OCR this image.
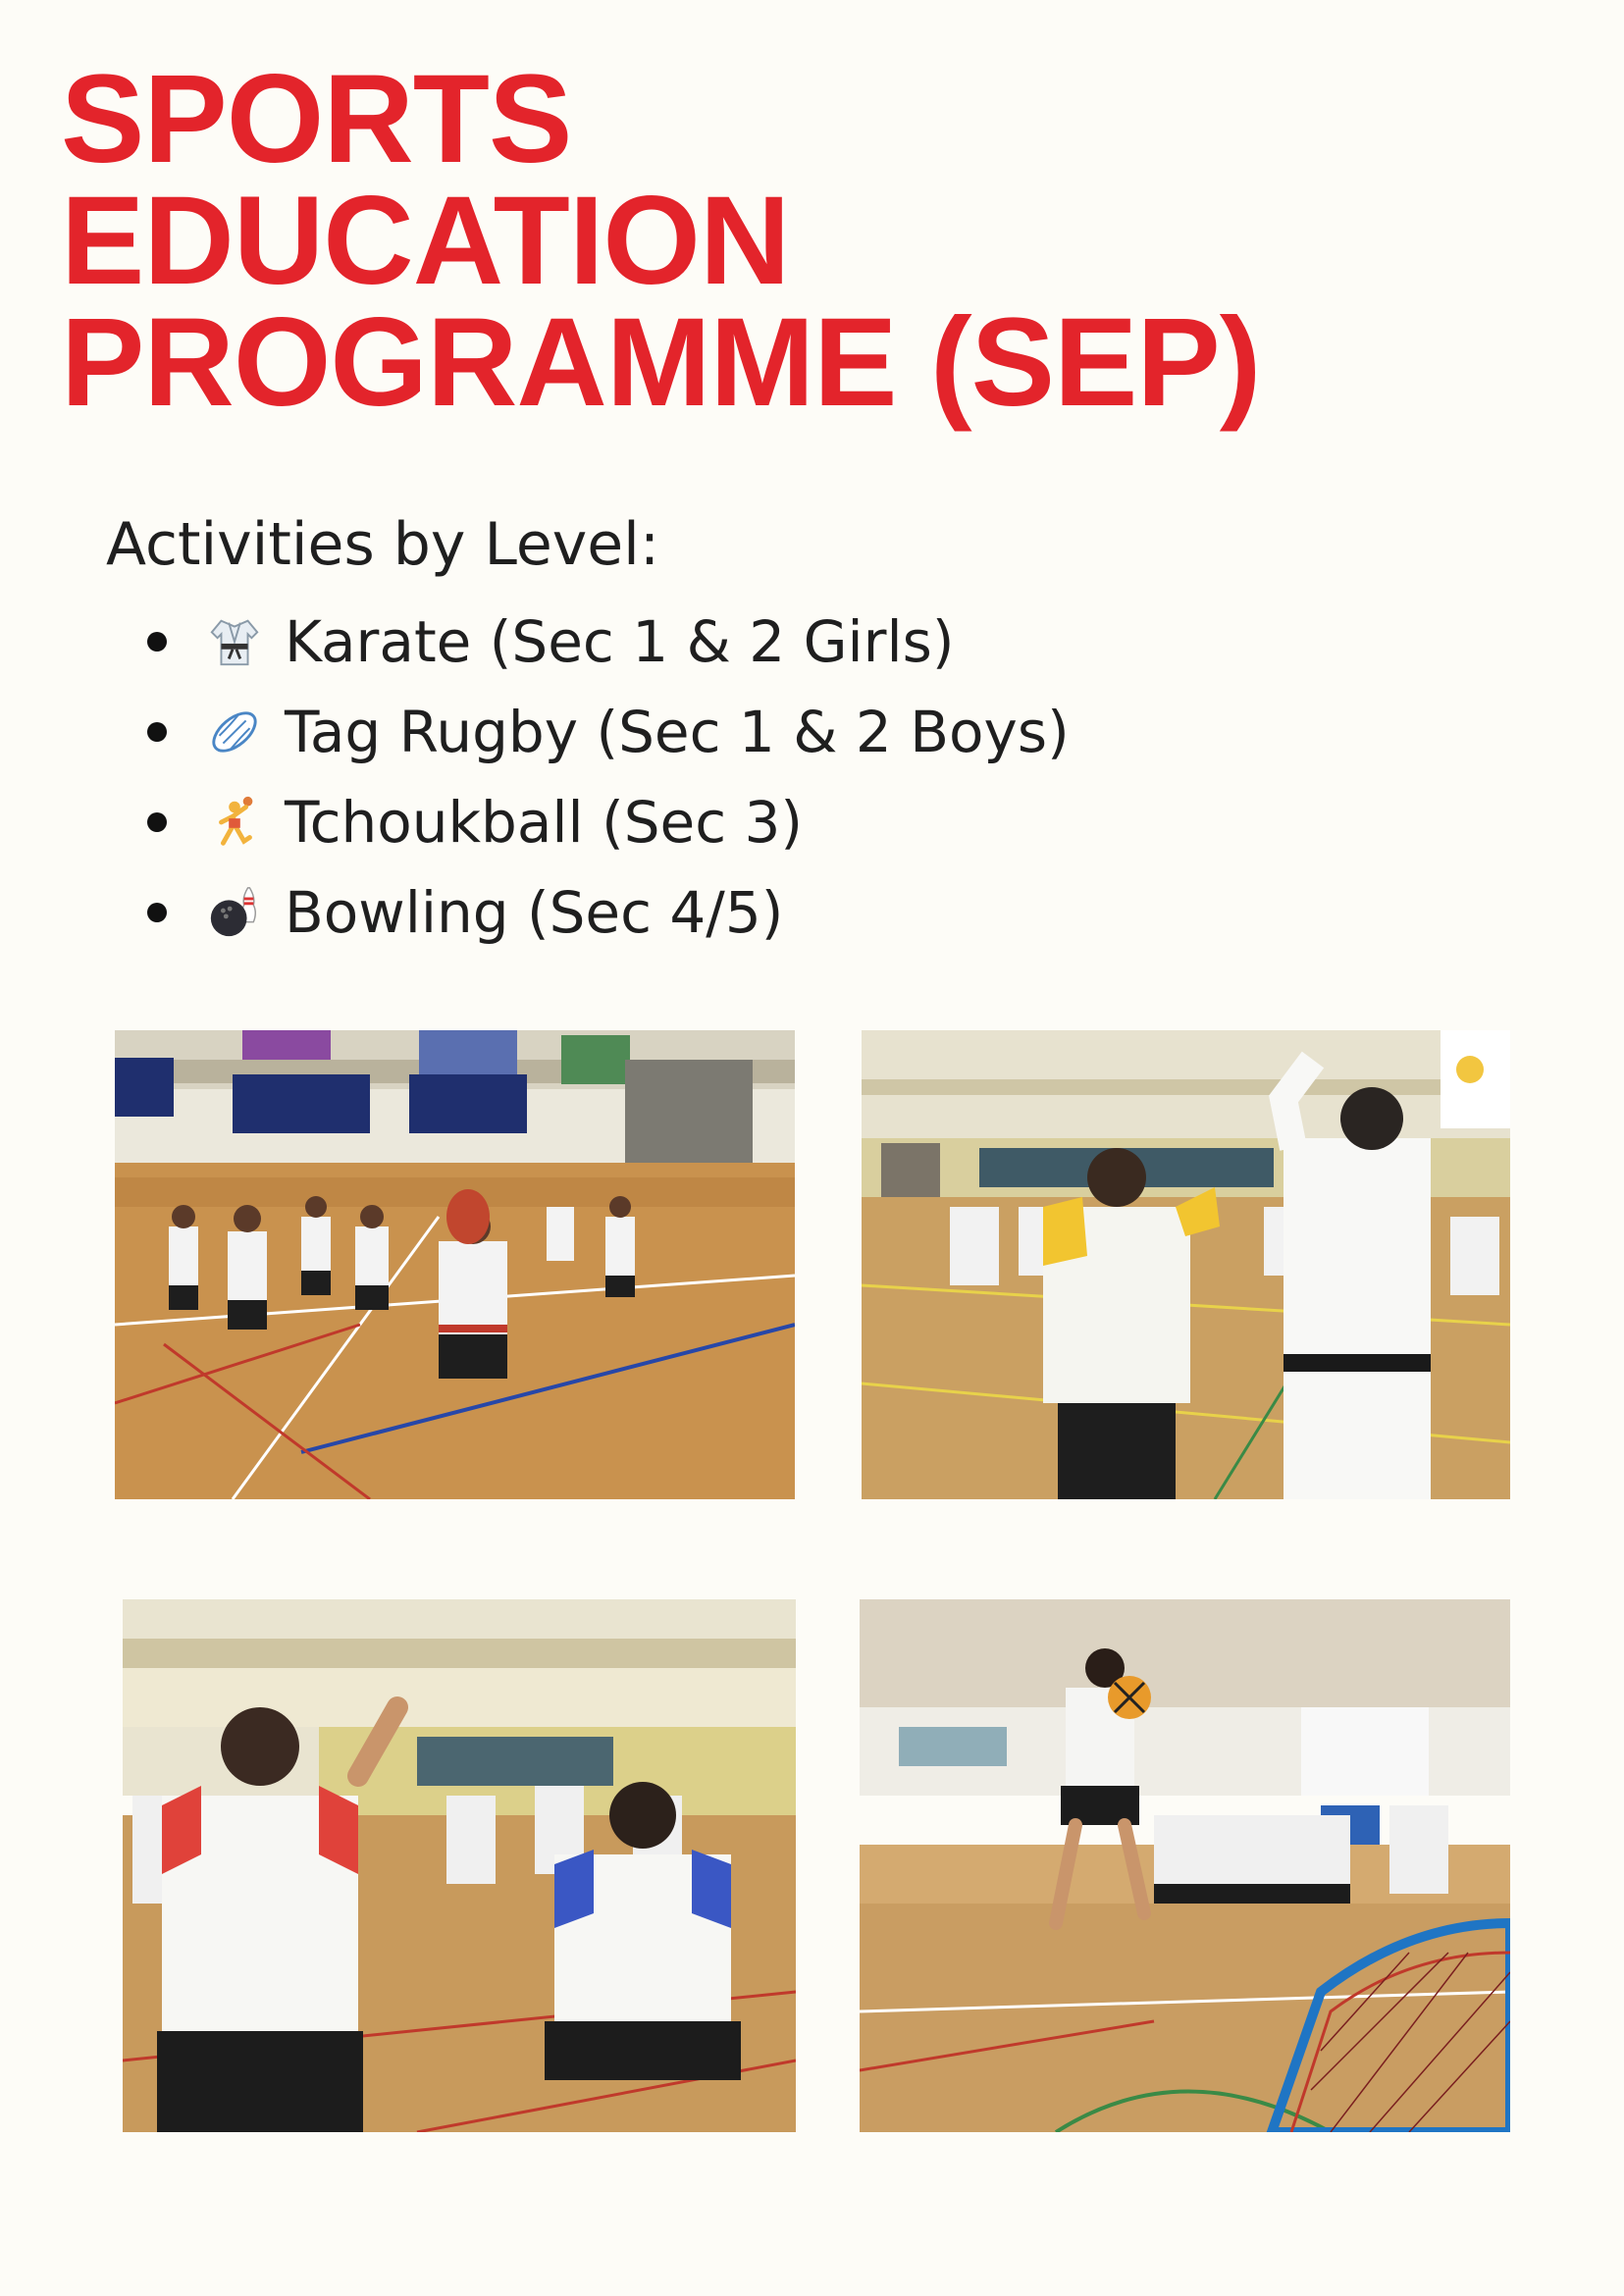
SPORTS
EDUCATION
PROGRAMME (SEP)
Activities by Level:
Karate (Sec 1 & 2 Girls)
Tag Rugby (Sec 1 & 2 Boys)
Tchoukball (Sec 3)
Bowling (Sec 4/5)
